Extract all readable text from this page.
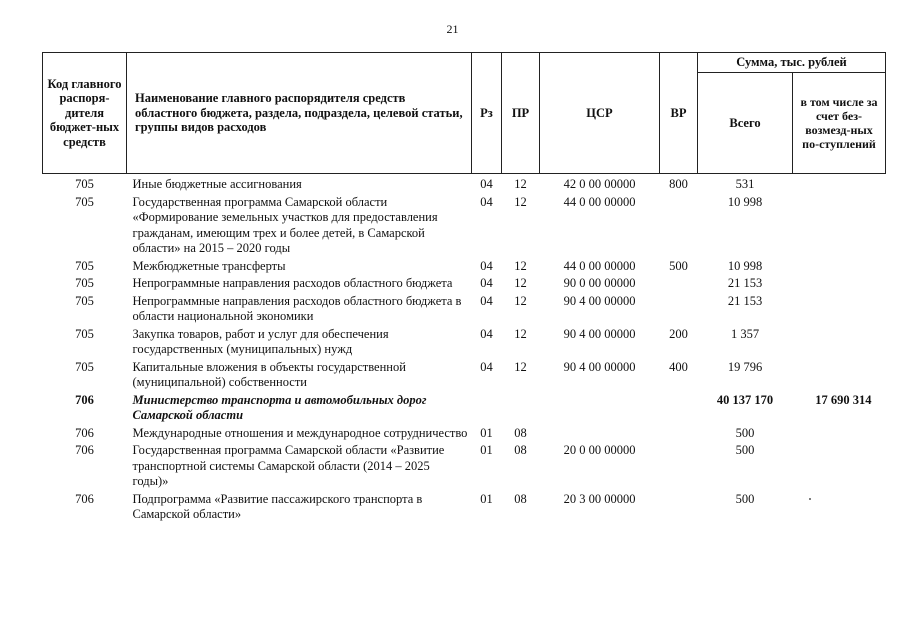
21
Код главного распоря-дителя бюджет-ных средств	Наименование главного распорядителя средств областного бюджета, раздела, подраздела, целевой статьи, группы видов расходов	Рз	ПР	ЦСР	ВР	Сумма, тыс. рублей	
						Всего	в том числе за счет без-возмезд-ных по-ступлений
705	Иные бюджетные ассигнования	04	12	42 0 00 00000	800	531	
705	Государственная программа Самарской области «Формирование земельных участков для предоставления гражданам, имеющим трех и более детей, в Самарской области» на 2015 – 2020 годы	04	12	44 0 00 00000		10 998	
705	Межбюджетные трансферты	04	12	44 0 00 00000	500	10 998	
705	Непрограммные направления расходов областного бюджета	04	12	90 0 00 00000		21 153	
705	Непрограммные направления расходов областного бюджета в области национальной экономики	04	12	90 4 00 00000		21 153	
705	Закупка товаров, работ и услуг для обеспечения государственных (муниципальных) нужд	04	12	90 4 00 00000	200	1 357	
705	Капитальные вложения в объекты государственной (муниципальной) собственности	04	12	90 4 00 00000	400	19 796	
706	Министерство транспорта и автомобильных дорог Самарской области					40 137 170	17 690 314
706	Международные отношения и международное сотрудничество	01	08			500	
706	Государственная программа Самарской области «Развитие транспортной системы Самарской области (2014 – 2025 годы)»	01	08	20 0 00 00000		500	
706	Подпрограмма «Развитие пассажирского транспорта в Самарской области»	01	08	20 3 00 00000		500	
